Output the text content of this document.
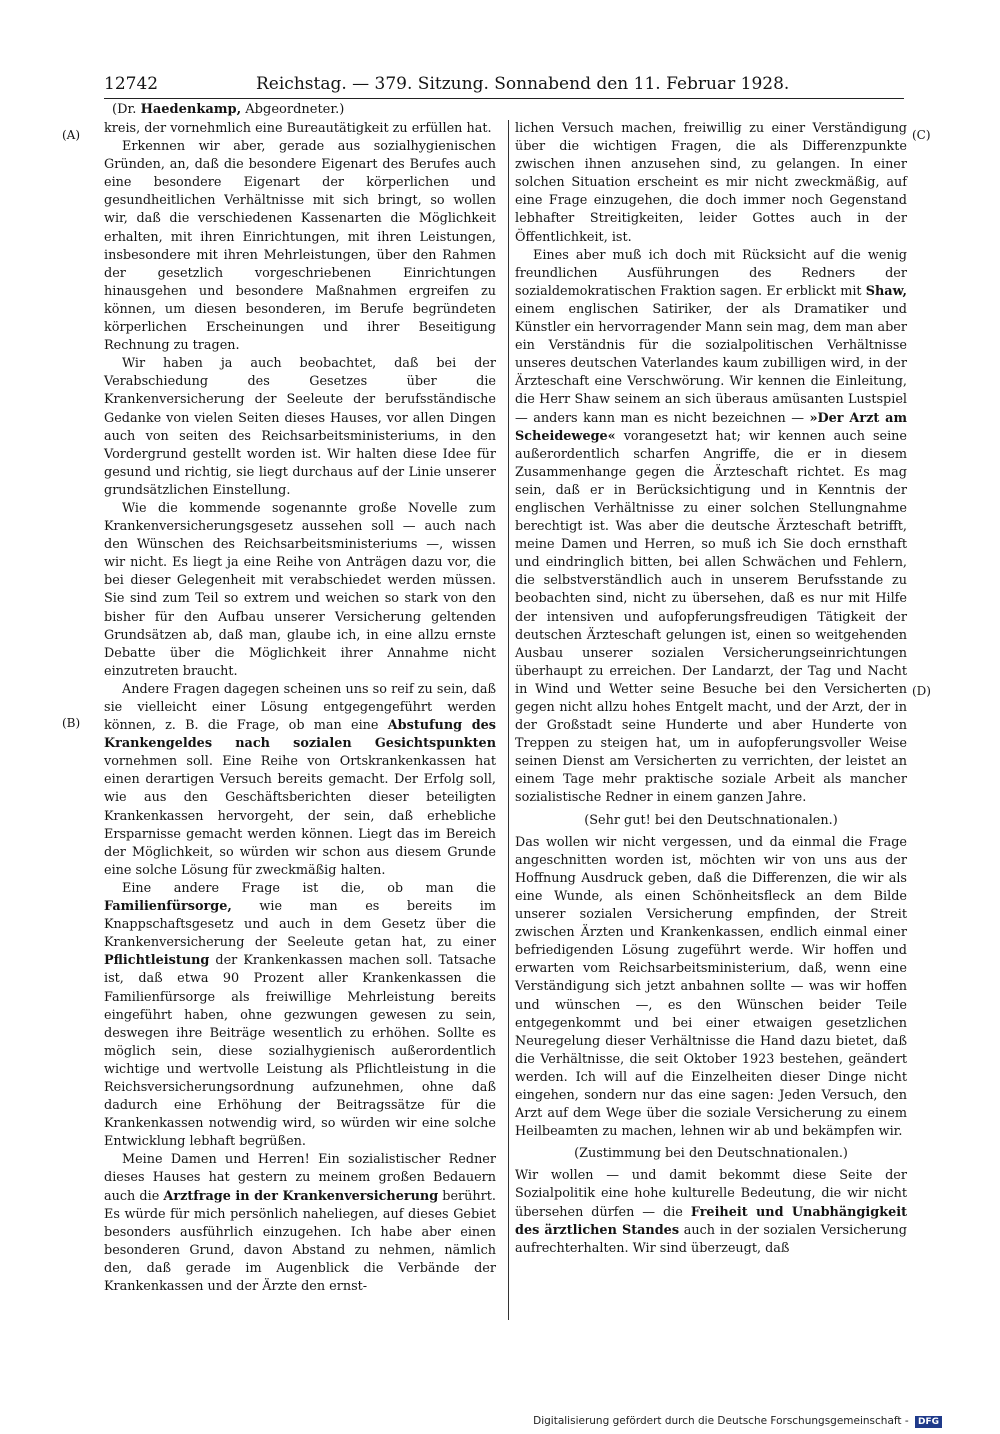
12742	Reichstag. — 379. Sitzung. Sonnabend den 11. Februar 1928.
(Dr. Haedenkamp, Abgeordneter.)
(A)
(B)
(C)
(D)

kreis, der vornehmlich eine Bureautätigkeit zu erfüllen hat.

Erkennen wir aber, gerade aus sozialhygienischen Gründen, an, daß die besondere Eigenart des Berufes auch eine besondere Eigenart der körperlichen und gesundheitlichen Verhältnisse mit sich bringt, so wollen wir, daß die verschiedenen Kassenarten die Möglichkeit erhalten, mit ihren Einrichtungen, mit ihren Leistungen, insbesondere mit ihren Mehrleistungen, über den Rahmen der gesetzlich vorgeschriebenen Einrichtungen hinausgehen und besondere Maßnahmen ergreifen zu können, um diesen besonderen, im Berufe begründeten körperlichen Erscheinungen und ihrer Beseitigung Rechnung zu tragen.

Wir haben ja auch beobachtet, daß bei der Verabschiedung des Gesetzes über die Krankenversicherung der Seeleute der berufsständische Gedanke von vielen Seiten dieses Hauses, vor allen Dingen auch von seiten des Reichsarbeitsministeriums, in den Vordergrund gestellt worden ist. Wir halten diese Idee für gesund und richtig, sie liegt durchaus auf der Linie unserer grundsätzlichen Einstellung.

Wie die kommende sogenannte große Novelle zum Krankenversicherungsgesetz aussehen soll — auch nach den Wünschen des Reichsarbeitsministeriums —, wissen wir nicht. Es liegt ja eine Reihe von Anträgen dazu vor, die bei dieser Gelegenheit mit verabschiedet werden müssen. Sie sind zum Teil so extrem und weichen so stark von den bisher für den Aufbau unserer Versicherung geltenden Grundsätzen ab, daß man, glaube ich, in eine allzu ernste Debatte über die Möglichkeit ihrer Annahme nicht einzutreten braucht.

Andere Fragen dagegen scheinen uns so reif zu sein, daß sie vielleicht einer Lösung entgegengeführt werden können, z. B. die Frage, ob man eine Abstufung des Krankengeldes nach sozialen Gesichtspunkten vornehmen soll. Eine Reihe von Ortskrankenkassen hat einen derartigen Versuch bereits gemacht. Der Erfolg soll, wie aus den Geschäftsberichten dieser beteiligten Krankenkassen hervorgeht, der sein, daß erhebliche Ersparnisse gemacht werden können. Liegt das im Bereich der Möglichkeit, so würden wir schon aus diesem Grunde eine solche Lösung für zweckmäßig halten.

Eine andere Frage ist die, ob man die Familienfürsorge, wie man es bereits im Knappschaftsgesetz und auch in dem Gesetz über die Krankenversicherung der Seeleute getan hat, zu einer Pflichtleistung der Krankenkassen machen soll. Tatsache ist, daß etwa 90 Prozent aller Krankenkassen die Familienfürsorge als freiwillige Mehrleistung bereits eingeführt haben, ohne gezwungen gewesen zu sein, deswegen ihre Beiträge wesentlich zu erhöhen. Sollte es möglich sein, diese sozialhygienisch außerordentlich wichtige und wertvolle Leistung als Pflichtleistung in die Reichsversicherungsordnung aufzunehmen, ohne daß dadurch eine Erhöhung der Beitragssätze für die Krankenkassen notwendig wird, so würden wir eine solche Entwicklung lebhaft begrüßen.

Meine Damen und Herren! Ein sozialistischer Redner dieses Hauses hat gestern zu meinem großen Bedauern auch die Arztfrage in der Krankenversicherung berührt. Es würde für mich persönlich naheliegen, auf dieses Gebiet besonders ausführlich einzugehen. Ich habe aber einen besonderen Grund, davon Abstand zu nehmen, nämlich den, daß gerade im Augenblick die Verbände der Krankenkassen und der Ärzte den ernst-

lichen Versuch machen, freiwillig zu einer Verständigung über die wichtigen Fragen, die als Differenzpunkte zwischen ihnen anzusehen sind, zu gelangen. In einer solchen Situation erscheint es mir nicht zweckmäßig, auf eine Frage einzugehen, die doch immer noch Gegenstand lebhafter Streitigkeiten, leider Gottes auch in der Öffentlichkeit, ist.

Eines aber muß ich doch mit Rücksicht auf die wenig freundlichen Ausführungen des Redners der sozialdemokratischen Fraktion sagen. Er erblickt mit Shaw, einem englischen Satiriker, der als Dramatiker und Künstler ein hervorragender Mann sein mag, dem man aber ein Verständnis für die sozialpolitischen Verhältnisse unseres deutschen Vaterlandes kaum zubilligen wird, in der Ärzteschaft eine Verschwörung. Wir kennen die Einleitung, die Herr Shaw seinem an sich überaus amüsanten Lustspiel — anders kann man es nicht bezeichnen — »Der Arzt am Scheidewege« vorangesetzt hat; wir kennen auch seine außerordentlich scharfen Angriffe, die er in diesem Zusammenhange gegen die Ärzteschaft richtet. Es mag sein, daß er in Berücksichtigung und in Kenntnis der englischen Verhältnisse zu einer solchen Stellungnahme berechtigt ist. Was aber die deutsche Ärzteschaft betrifft, meine Damen und Herren, so muß ich Sie doch ernsthaft und eindringlich bitten, bei allen Schwächen und Fehlern, die selbstverständlich auch in unserem Berufsstande zu beobachten sind, nicht zu übersehen, daß es nur mit Hilfe der intensiven und aufopferungsfreudigen Tätigkeit der deutschen Ärzteschaft gelungen ist, einen so weitgehenden Ausbau unserer sozialen Versicherungseinrichtungen überhaupt zu erreichen. Der Landarzt, der Tag und Nacht in Wind und Wetter seine Besuche bei den Versicherten gegen nicht allzu hohes Entgelt macht, und der Arzt, der in der Großstadt seine Hunderte und aber Hunderte von Treppen zu steigen hat, um in aufopferungsvoller Weise seinen Dienst am Versicherten zu verrichten, der leistet an einem Tage mehr praktische soziale Arbeit als mancher sozialistische Redner in einem ganzen Jahre.

(Sehr gut! bei den Deutschnationalen.)

Das wollen wir nicht vergessen, und da einmal die Frage angeschnitten worden ist, möchten wir von uns aus der Hoffnung Ausdruck geben, daß die Differenzen, die wir als eine Wunde, als einen Schönheitsfleck an dem Bilde unserer sozialen Versicherung empfinden, der Streit zwischen Ärzten und Krankenkassen, endlich einmal einer befriedigenden Lösung zugeführt werde. Wir hoffen und erwarten vom Reichsarbeitsministerium, daß, wenn eine Verständigung sich jetzt anbahnen sollte — was wir hoffen und wünschen —, es den Wünschen beider Teile entgegenkommt und bei einer etwaigen gesetzlichen Neuregelung dieser Verhältnisse die Hand dazu bietet, daß die Verhältnisse, die seit Oktober 1923 bestehen, geändert werden. Ich will auf die Einzelheiten dieser Dinge nicht eingehen, sondern nur das eine sagen: Jeden Versuch, den Arzt auf dem Wege über die soziale Versicherung zu einem Heilbeamten zu machen, lehnen wir ab und bekämpfen wir.

(Zustimmung bei den Deutschnationalen.)

Wir wollen — und damit bekommt diese Seite der Sozialpolitik eine hohe kulturelle Bedeutung, die wir nicht übersehen dürfen — die Freiheit und Unabhängigkeit des ärztlichen Standes auch in der sozialen Versicherung aufrechterhalten. Wir sind überzeugt, daß

Digitalisierung gefördert durch die Deutsche Forschungsgemeinschaft - DFG
